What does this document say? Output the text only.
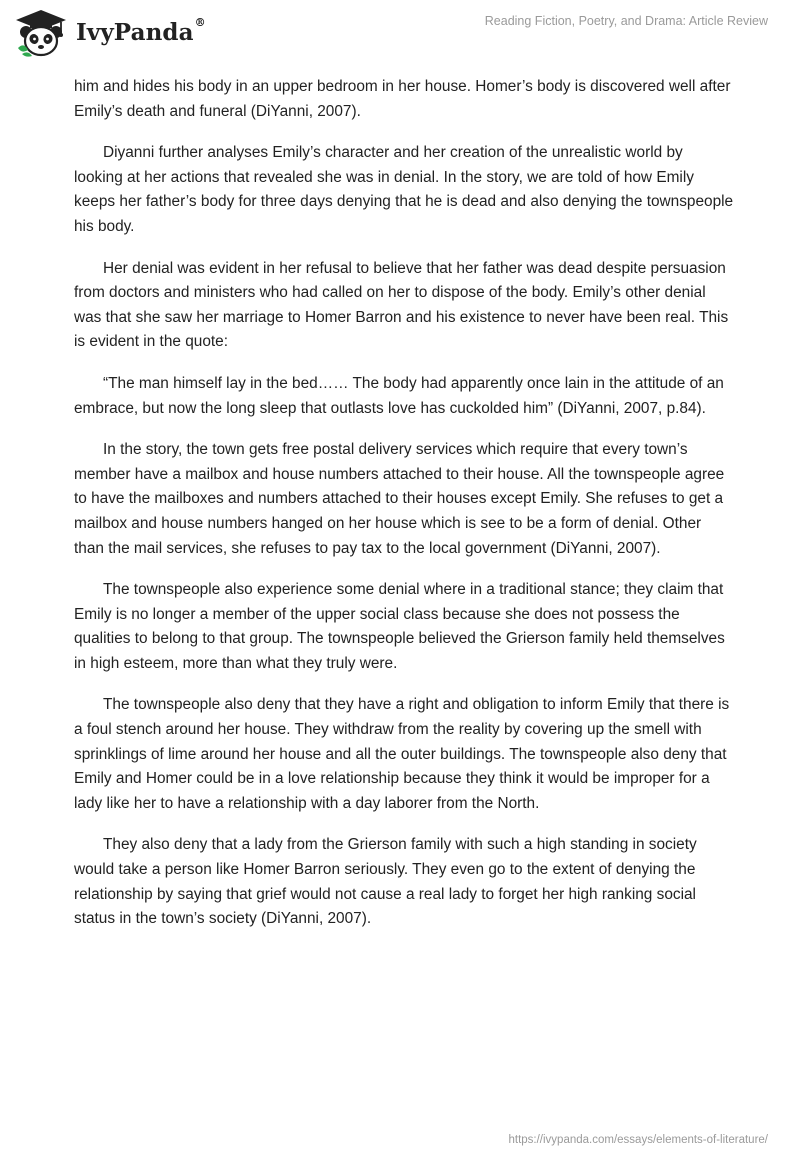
IvyPanda®	Reading Fiction, Poetry, and Drama: Article Review

him and hides his body in an upper bedroom in her house. Homer’s body is discovered well after Emily’s death and funeral (DiYanni, 2007).

Diyanni further analyses Emily’s character and her creation of the unrealistic world by looking at her actions that revealed she was in denial. In the story, we are told of how Emily keeps her father’s body for three days denying that he is dead and also denying the townspeople his body.

Her denial was evident in her refusal to believe that her father was dead despite persuasion from doctors and ministers who had called on her to dispose of the body. Emily’s other denial was that she saw her marriage to Homer Barron and his existence to never have been real. This is evident in the quote:

“The man himself lay in the bed…… The body had apparently once lain in the attitude of an embrace, but now the long sleep that outlasts love has cuckolded him” (DiYanni, 2007, p.84).

In the story, the town gets free postal delivery services which require that every town’s member have a mailbox and house numbers attached to their house. All the townspeople agree to have the mailboxes and numbers attached to their houses except Emily. She refuses to get a mailbox and house numbers hanged on her house which is see to be a form of denial. Other than the mail services, she refuses to pay tax to the local government (DiYanni, 2007).

The townspeople also experience some denial where in a traditional stance; they claim that Emily is no longer a member of the upper social class because she does not possess the qualities to belong to that group. The townspeople believed the Grierson family held themselves in high esteem, more than what they truly were.

The townspeople also deny that they have a right and obligation to inform Emily that there is a foul stench around her house. They withdraw from the reality by covering up the smell with sprinklings of lime around her house and all the outer buildings. The townspeople also deny that Emily and Homer could be in a love relationship because they think it would be improper for a lady like her to have a relationship with a day laborer from the North.

They also deny that a lady from the Grierson family with such a high standing in society would take a person like Homer Barron seriously. They even go to the extent of denying the relationship by saying that grief would not cause a real lady to forget her high ranking social status in the town’s society (DiYanni, 2007).

https://ivypanda.com/essays/elements-of-literature/
